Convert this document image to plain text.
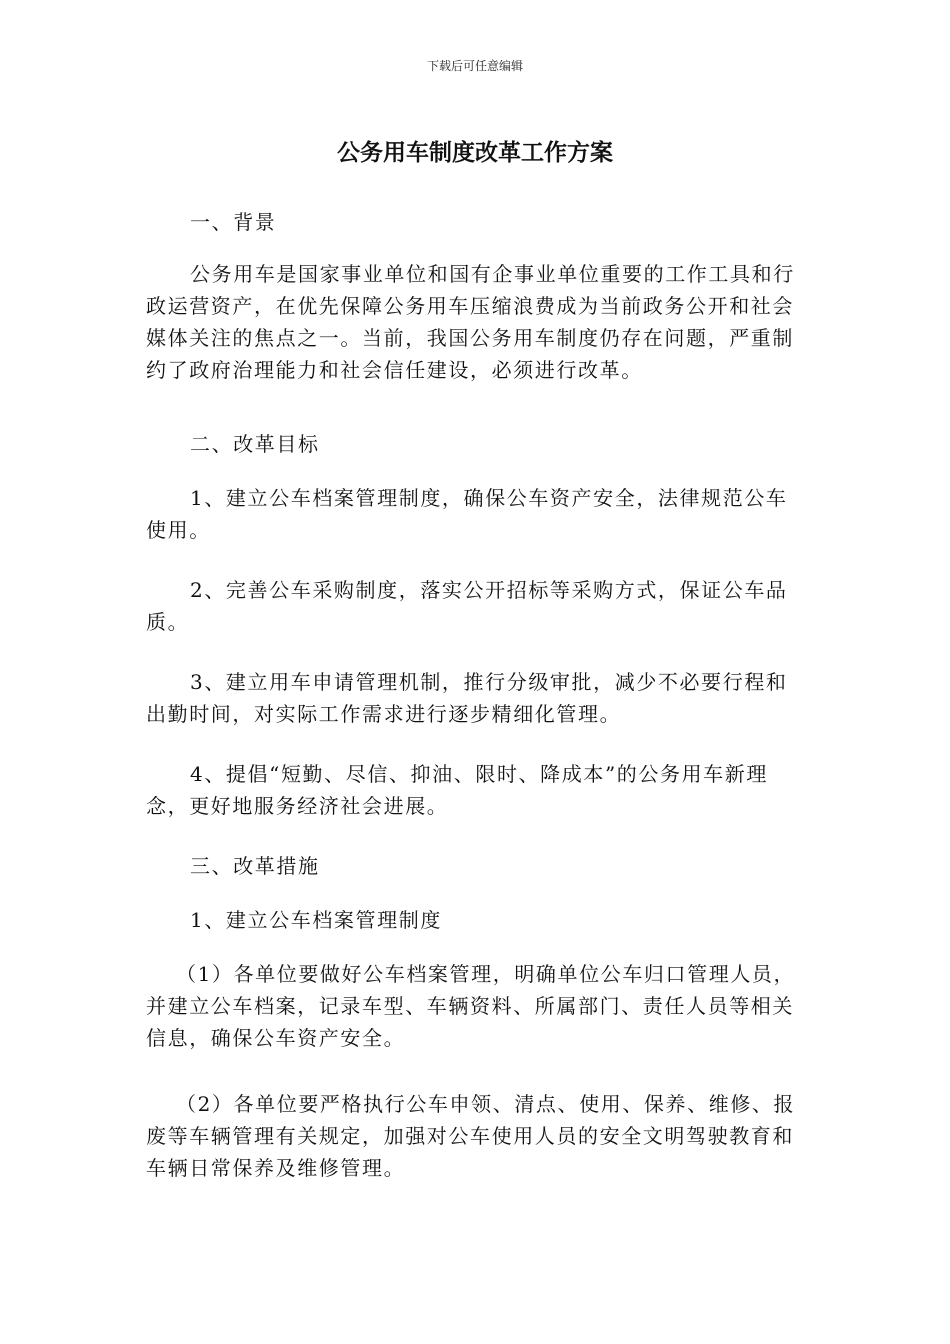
下载后可任意编辑
公务用车制度改革工作方案

一、背景

公务用车是国家事业单位和国有企事业单位重要的工作工具和行政运营资产，在优先保障公务用车压缩浪费成为当前政务公开和社会媒体关注的焦点之一。当前，我国公务用车制度仍存在问题，严重制约了政府治理能力和社会信任建设，必须进行改革。

二、改革目标

1、建立公车档案管理制度，确保公车资产安全，法律规范公车使用。

2、完善公车采购制度，落实公开招标等采购方式，保证公车品质。

3、建立用车申请管理机制，推行分级审批，减少不必要行程和出勤时间，对实际工作需求进行逐步精细化管理。

4、提倡“短勤、尽信、抑油、限时、降成本”的公务用车新理念，更好地服务经济社会进展。

三、改革措施

1、建立公车档案管理制度

（1）各单位要做好公车档案管理，明确单位公车归口管理人员，并建立公车档案，记录车型、车辆资料、所属部门、责任人员等相关信息，确保公车资产安全。

（2）各单位要严格执行公车申领、清点、使用、保养、维修、报废等车辆管理有关规定，加强对公车使用人员的安全文明驾驶教育和车辆日常保养及维修管理。
